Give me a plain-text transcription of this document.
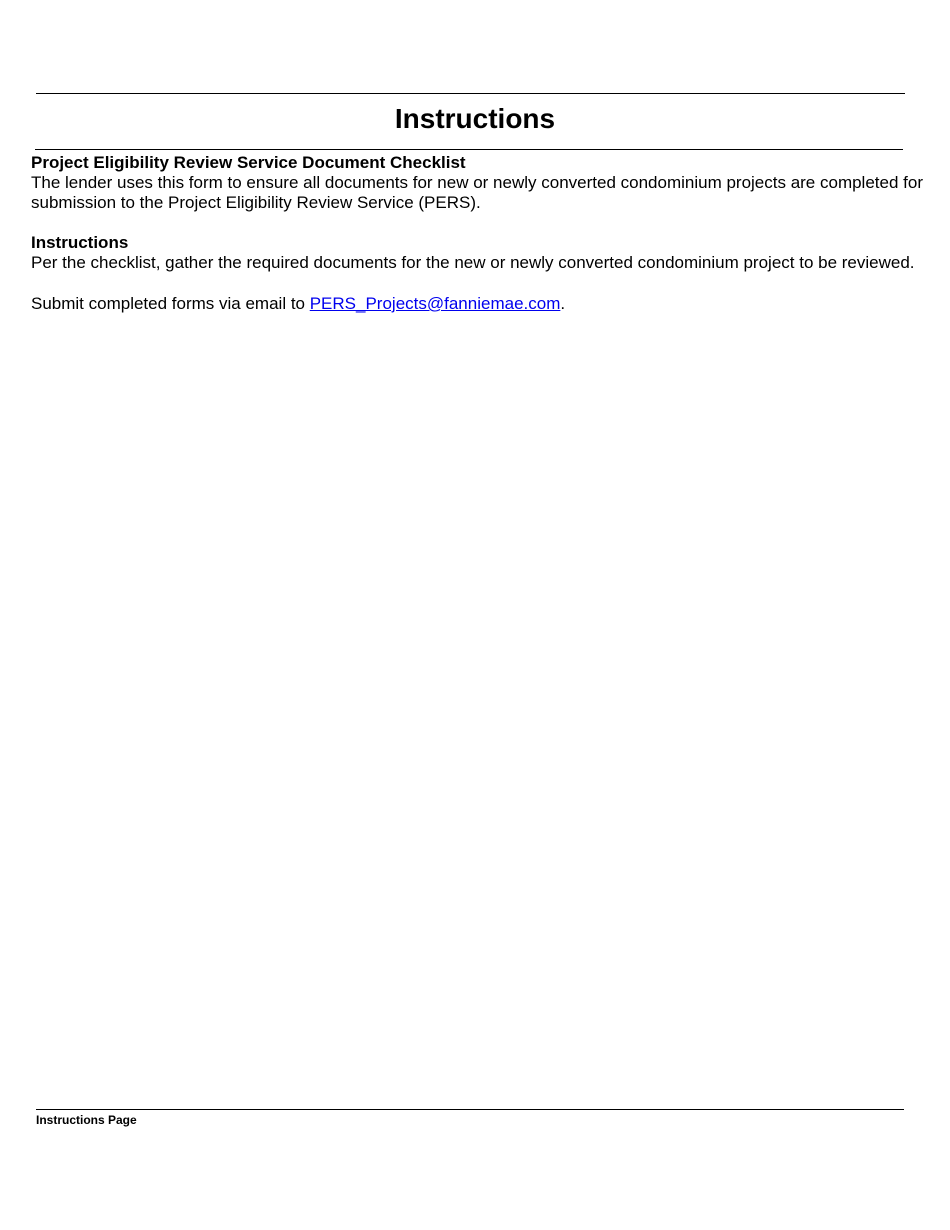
Instructions

Project Eligibility Review Service Document Checklist

The lender uses this form to ensure all documents for new or newly converted condominium projects are completed for

submission to the Project Eligibility Review Service (PERS).

Instructions

Per the checklist, gather the required documents for the new or newly converted condominium project to be reviewed.

Submit completed forms via email to PERS_Projects@fanniemae.com.

Instructions Page
